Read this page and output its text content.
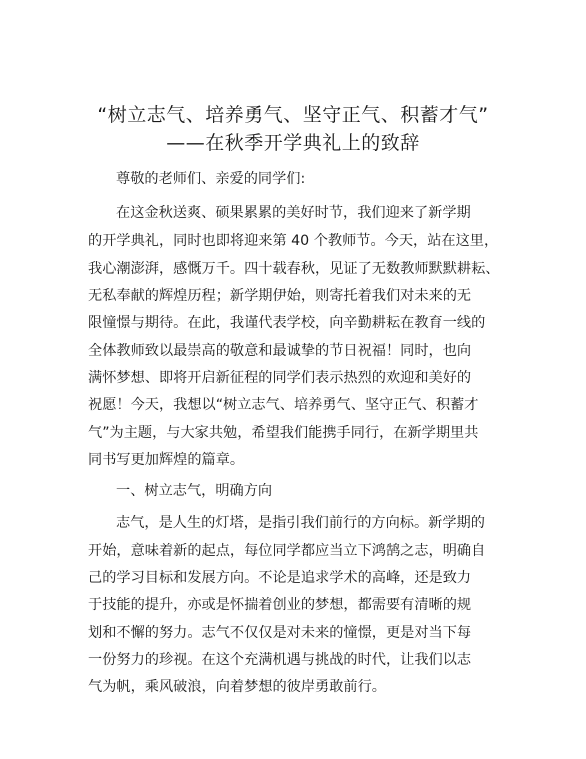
“树立志气、培养勇气、坚守正气、积蓄才气”
——在秋季开学典礼上的致辞
尊敬的老师们、亲爱的同学们:
在这金秋送爽、硕果累累的美好时节，我们迎来了新学期
的开学典礼，同时也即将迎来第 40 个教师节。今天，站在这里，
我心潮澎湃，感慨万千。四十载春秋，见证了无数教师默默耕耘、
无私奉献的辉煌历程；新学期伊始，则寄托着我们对未来的无
限憧憬与期待。在此，我谨代表学校，向辛勤耕耘在教育一线的
全体教师致以最崇高的敬意和最诚挚的节日祝福！同时，也向
满怀梦想、即将开启新征程的同学们表示热烈的欢迎和美好的
祝愿！今天，我想以“树立志气、培养勇气、坚守正气、积蓄才
气”为主题，与大家共勉，希望我们能携手同行，在新学期里共
同书写更加辉煌的篇章。
一、树立志气，明确方向
志气，是人生的灯塔，是指引我们前行的方向标。新学期的
开始，意味着新的起点，每位同学都应当立下鸿鹄之志，明确自
己的学习目标和发展方向。不论是追求学术的高峰，还是致力
于技能的提升，亦或是怀揣着创业的梦想，都需要有清晰的规
划和不懈的努力。志气不仅仅是对未来的憧憬，更是对当下每
一份努力的珍视。在这个充满机遇与挑战的时代，让我们以志
气为帆，乘风破浪，向着梦想的彼岸勇敢前行。
